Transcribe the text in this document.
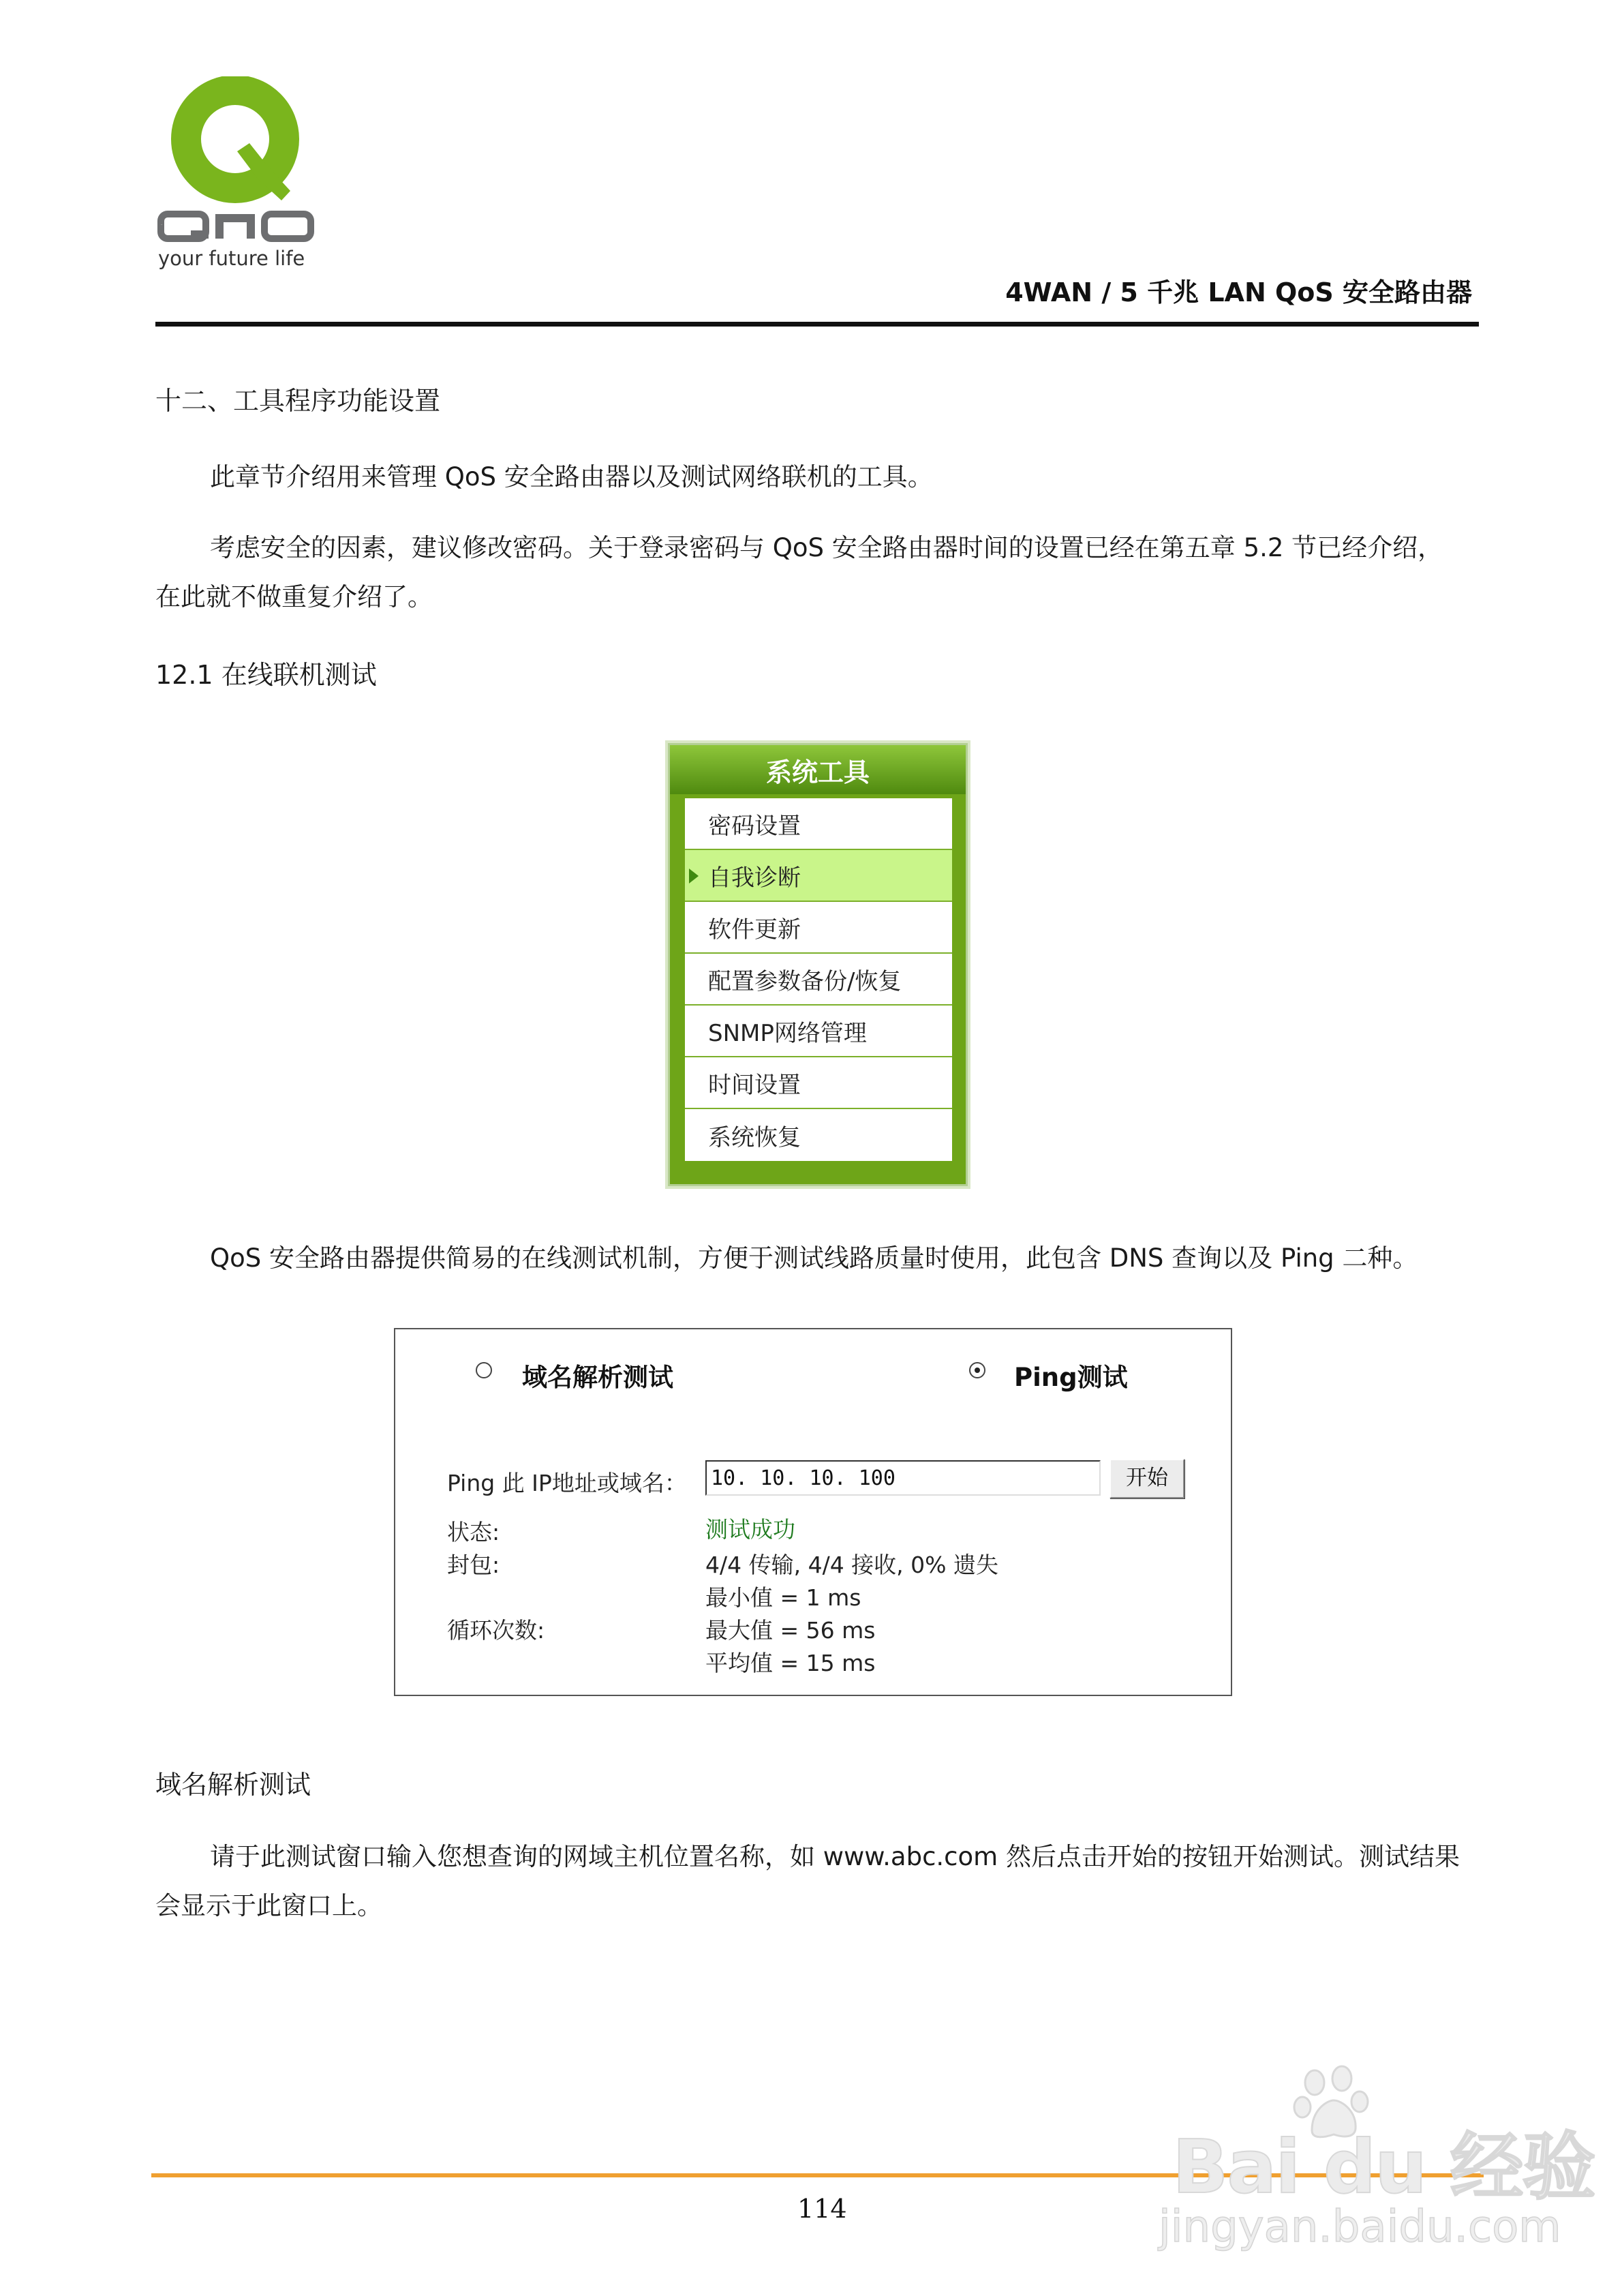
QNO
your future life
4WAN / 5 千兆 LAN QoS 安全路由器
十二、工具程序功能设置
此章节介绍用来管理 QoS 安全路由器以及测试网络联机的工具。
考虑安全的因素，建议修改密码。关于登录密码与 QoS 安全路由器时间的设置已经在第五章 5.2 节已经介绍，在此就不做重复介绍了。
12.1 在线联机测试
系统工具
密码设置
自我诊断
软件更新
配置参数备份/恢复
SNMP网络管理
时间设置
系统恢复
QoS 安全路由器提供简易的在线测试机制，方便于测试线路质量时使用，此包含 DNS 查询以及 Ping 二种。
域名解析测试	Ping测试
Ping 此 IP地址或域名：
10. 10. 10. 100	开始
状态:	测试成功
封包:	4/4 传输, 4/4 接收, 0% 遗失
最小值 = 1 ms
循环次数:	最大值 = 56 ms
平均值 = 15 ms
域名解析测试
请于此测试窗口输入您想查询的网域主机位置名称，如 www.abc.com 然后点击开始的按钮开始测试。测试结果会显示于此窗口上。
114	Bai du 经验
jingyan.baidu.com
